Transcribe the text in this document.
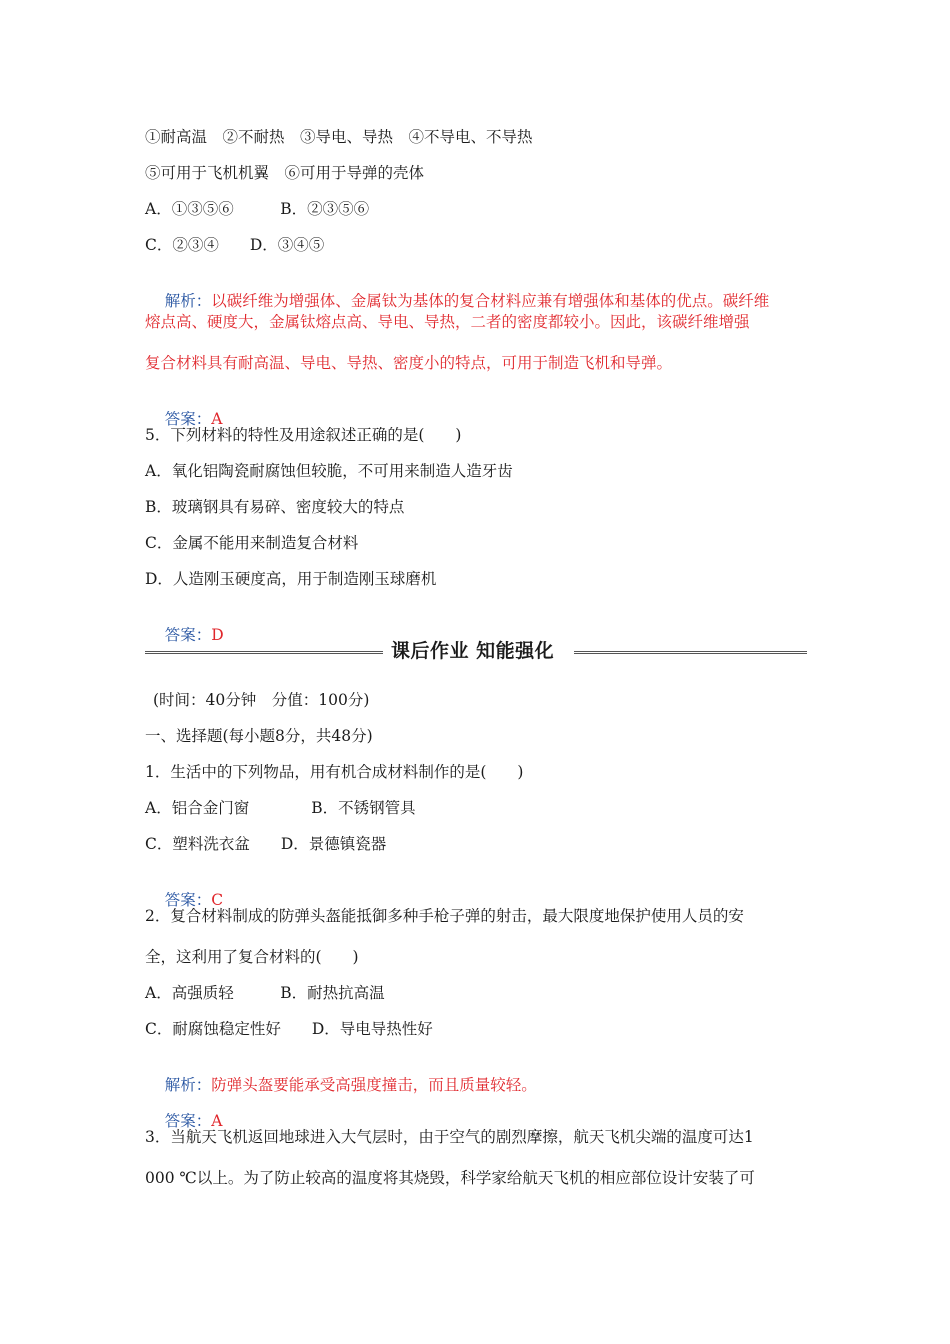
①耐高温　②不耐热　③导电、导热　④不导电、不导热
⑤可用于飞机机翼　⑥可用于导弹的壳体
A．①③⑤⑥　　　B．②③⑤⑥
C．②③④　　D．③④⑤

解析：以碳纤维为增强体、金属钛为基体的复合材料应兼有增强体和基体的优点。碳纤维

熔点高、硬度大，金属钛熔点高、导电、导热，二者的密度都较小。因此，该碳纤维增强
复合材料具有耐高温、导电、导热、密度小的特点，可用于制造飞机和导弹。

答案：A

5．下列材料的特性及用途叙述正确的是(　　)
A．氧化铝陶瓷耐腐蚀但较脆，不可用来制造人造牙齿
B．玻璃钢具有易碎、密度较大的特点
C．金属不能用来制造复合材料
D．人造刚玉硬度高，用于制造刚玉球磨机

答案：D

课后作业 知能强化
(时间：40分钟　分值：100分)
一、选择题(每小题8分，共48分)
1．生活中的下列物品，用有机合成材料制作的是(　　)
A．铝合金门窗　　　　B．不锈钢管具
C．塑料洗衣盆　　D．景德镇瓷器

答案：C

2．复合材料制成的防弹头盔能抵御多种手枪子弹的射击，最大限度地保护使用人员的安
全，这利用了复合材料的(　　)
A．高强质轻　　　B．耐热抗高温
C．耐腐蚀稳定性好　　D．导电导热性好

解析：防弹头盔要能承受高强度撞击，而且质量较轻。

答案：A

3．当航天飞机返回地球进入大气层时，由于空气的剧烈摩擦，航天飞机尖端的温度可达1
000 ℃以上。为了防止较高的温度将其烧毁，科学家给航天飞机的相应部位设计安装了可
